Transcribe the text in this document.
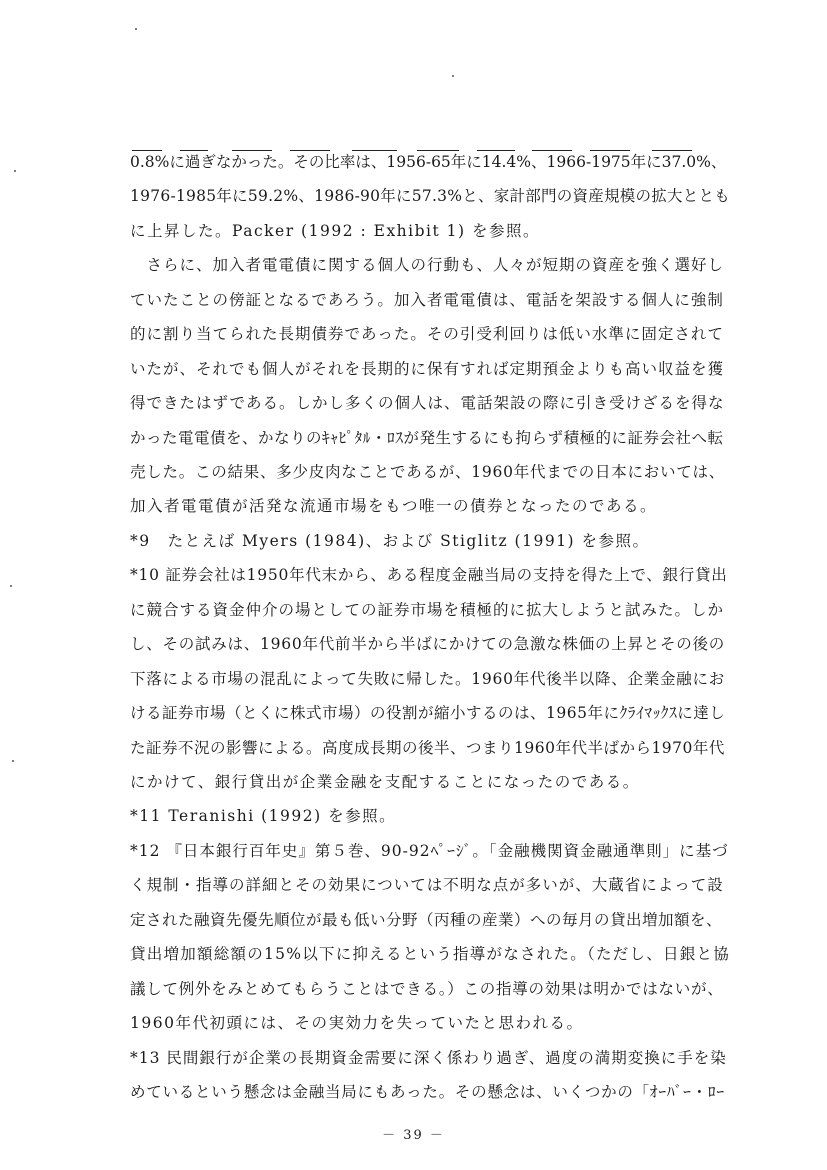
0.8%に過ぎなかった。その比率は、1956-65年に14.4%、1966-1975年に37.0%、
1976-1985年に59.2%、1986-90年に57.3%と、家計部門の資産規模の拡大ととも
に上昇した。Packer (1992 : Exhibit 1) を参照。
　さらに、加入者電電債に関する個人の行動も、人々が短期の資産を強く選好し
ていたことの傍証となるであろう。加入者電電債は、電話を架設する個人に強制
的に割り当てられた長期債券であった。その引受利回りは低い水準に固定されて
いたが、それでも個人がそれを長期的に保有すれば定期預金よりも高い収益を獲
得できたはずである。しかし多くの個人は、電話架設の際に引き受けざるを得な
かった電電債を、かなりのｷｬﾋﾟﾀﾙ・ﾛｽが発生するにも拘らず積極的に証券会社へ転
売した。この結果、多少皮肉なことであるが、1960年代までの日本においては、
加入者電電債が活発な流通市場をもつ唯一の債券となったのである。
*9　たとえば Myers (1984)、および Stiglitz (1991) を参照。
*10 証券会社は1950年代末から、ある程度金融当局の支持を得た上で、銀行貸出
に競合する資金仲介の場としての証券市場を積極的に拡大しようと試みた。しか
し、その試みは、1960年代前半から半ばにかけての急激な株価の上昇とその後の
下落による市場の混乱によって失敗に帰した。1960年代後半以降、企業金融にお
ける証券市場（とくに株式市場）の役割が縮小するのは、1965年にｸﾗｲﾏｯｸｽに達し
た証券不況の影響による。高度成長期の後半、つまり1960年代半ばから1970年代
にかけて、銀行貸出が企業金融を支配することになったのである。
*11 Teranishi (1992) を参照。
*12 『日本銀行百年史』第５巻、90-92ﾍﾟｰｼﾞ。「金融機関資金融通準則」に基づ
く規制・指導の詳細とその効果については不明な点が多いが、大蔵省によって設
定された融資先優先順位が最も低い分野（丙種の産業）への毎月の貸出増加額を、
貸出増加額総額の15%以下に抑えるという指導がなされた。（ただし、日銀と協
議して例外をみとめてもらうことはできる。）この指導の効果は明かではないが、
1960年代初頭には、その実効力を失っていたと思われる。
*13 民間銀行が企業の長期資金需要に深く係わり過ぎ、過度の満期変換に手を染
めているという懸念は金融当局にもあった。その懸念は、いくつかの「ｵｰﾊﾞｰ・ﾛｰ
－ 39 －
